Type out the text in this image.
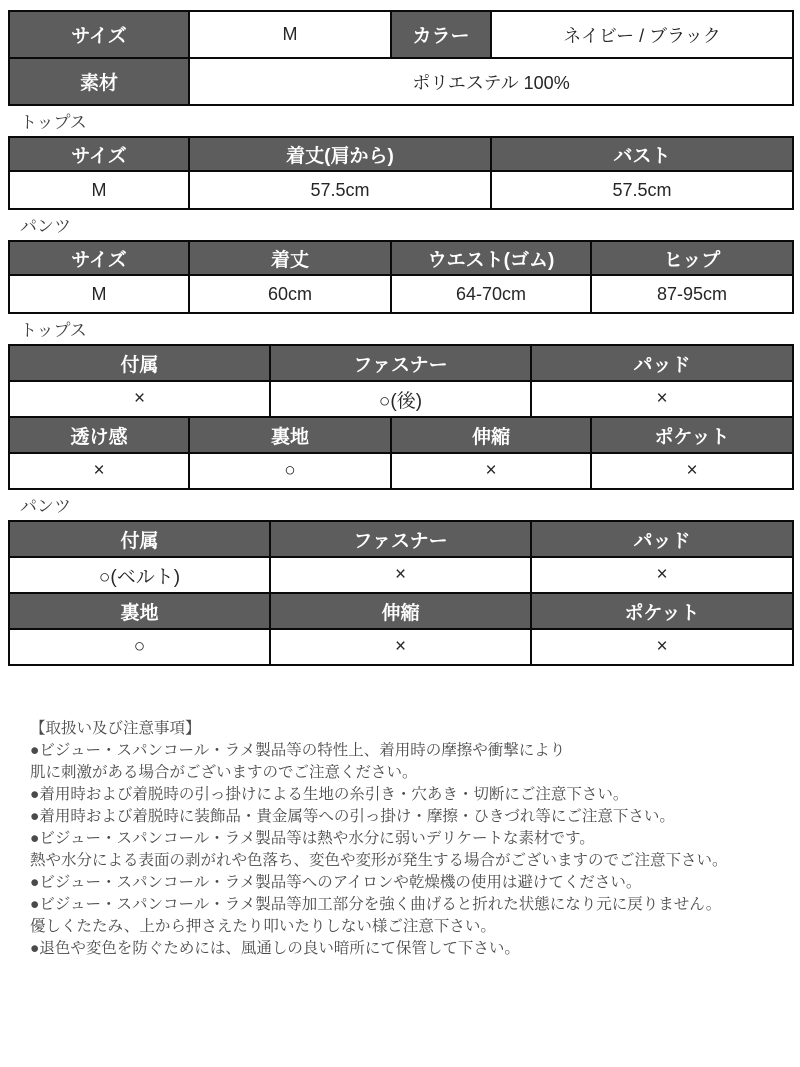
サイズ	M	カラー	ネイビー / ブラック
素材	ポリエステル 100%		
トップス
サイズ	着丈(肩から)	バスト
M	57.5cm	57.5cm
パンツ
サイズ	着丈	ウエスト(ゴム)	ヒップ
M	60cm	64-70cm	87-95cm
トップス
付属	ファスナー	パッド
×	○(後)	×
透け感	裏地	伸縮	ポケット
×	○	×	×
パンツ
付属	ファスナー	パッド
○(ベルト)	×	×
裏地	伸縮	ポケット
○	×	×
【取扱い及び注意事項】
●ビジュー・スパンコール・ラメ製品等の特性上、着用時の摩擦や衝撃により
肌に刺激がある場合がございますのでご注意ください。
●着用時および着脱時の引っ掛けによる生地の糸引き・穴あき・切断にご注意下さい。
●着用時および着脱時に装飾品・貴金属等への引っ掛け・摩擦・ひきづれ等にご注意下さい。
●ビジュー・スパンコール・ラメ製品等は熱や水分に弱いデリケートな素材です。
熱や水分による表面の剥がれや色落ち、変色や変形が発生する場合がございますのでご注意下さい。
●ビジュー・スパンコール・ラメ製品等へのアイロンや乾燥機の使用は避けてください。
●ビジュー・スパンコール・ラメ製品等加工部分を強く曲げると折れた状態になり元に戻りません。
優しくたたみ、上から押さえたり叩いたりしない様ご注意下さい。
●退色や変色を防ぐためには、風通しの良い暗所にて保管して下さい。
